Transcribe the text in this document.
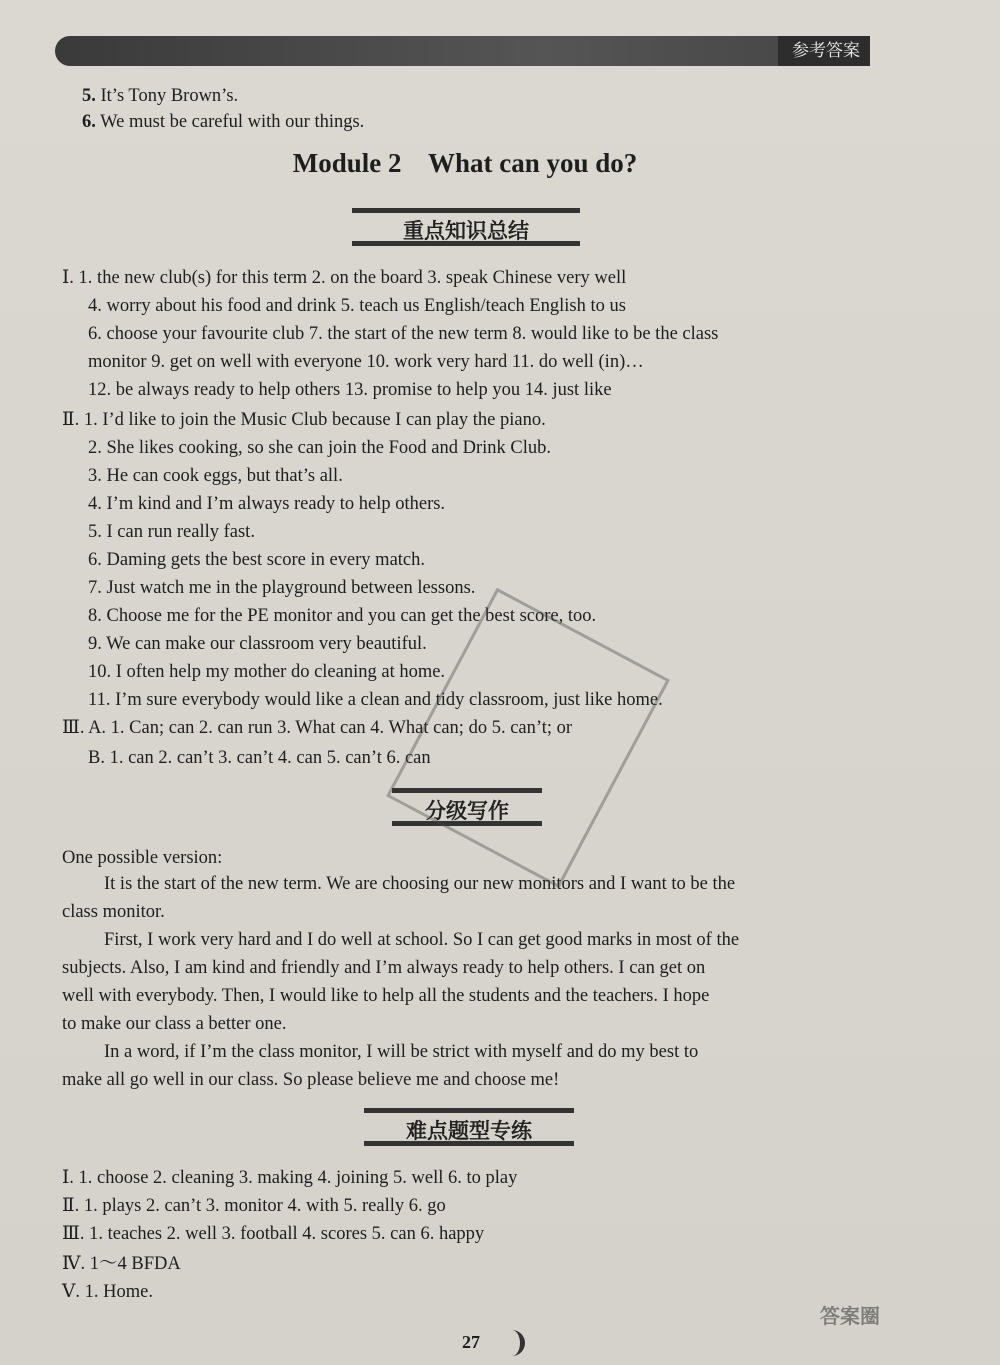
参考答案
5. It’s Tony Brown’s.
6. We must be careful with our things.
Module 2    What can you do?
重点知识总结
Ⅰ. 1. the new club(s) for this term 2. on the board 3. speak Chinese very well
4. worry about his food and drink 5. teach us English/teach English to us
6. choose your favourite club 7. the start of the new term 8. would like to be the class
monitor 9. get on well with everyone 10. work very hard 11. do well (in)…
12. be always ready to help others 13. promise to help you 14. just like
Ⅱ. 1. I’d like to join the Music Club because I can play the piano.
2. She likes cooking, so she can join the Food and Drink Club.
3. He can cook eggs, but that’s all.
4. I’m kind and I’m always ready to help others.
5. I can run really fast.
6. Daming gets the best score in every match.
7. Just watch me in the playground between lessons.
8. Choose me for the PE monitor and you can get the best score, too.
9. We can make our classroom very beautiful.
10. I often help my mother do cleaning at home.
11. I’m sure everybody would like a clean and tidy classroom, just like home.
Ⅲ. A. 1. Can; can 2. can run 3. What can 4. What can; do 5. can’t; or
B. 1. can 2. can’t 3. can’t 4. can 5. can’t 6. can
分级写作
One possible version:
It is the start of the new term. We are choosing our new monitors and I want to be the
class monitor.
First, I work very hard and I do well at school. So I can get good marks in most of the
subjects. Also, I am kind and friendly and I’m always ready to help others. I can get on
well with everybody. Then, I would like to help all the students and the teachers. I hope
to make our class a better one.
In a word, if I’m the class monitor, I will be strict with myself and do my best to
make all go well in our class. So please believe me and choose me!
难点题型专练
Ⅰ. 1. choose 2. cleaning 3. making 4. joining 5. well 6. to play
Ⅱ. 1. plays 2. can’t 3. monitor 4. with 5. really 6. go
Ⅲ. 1. teaches 2. well 3. football 4. scores 5. can 6. happy
Ⅳ. 1～4 BFDA
Ⅴ. 1. Home.
27
答案圈
